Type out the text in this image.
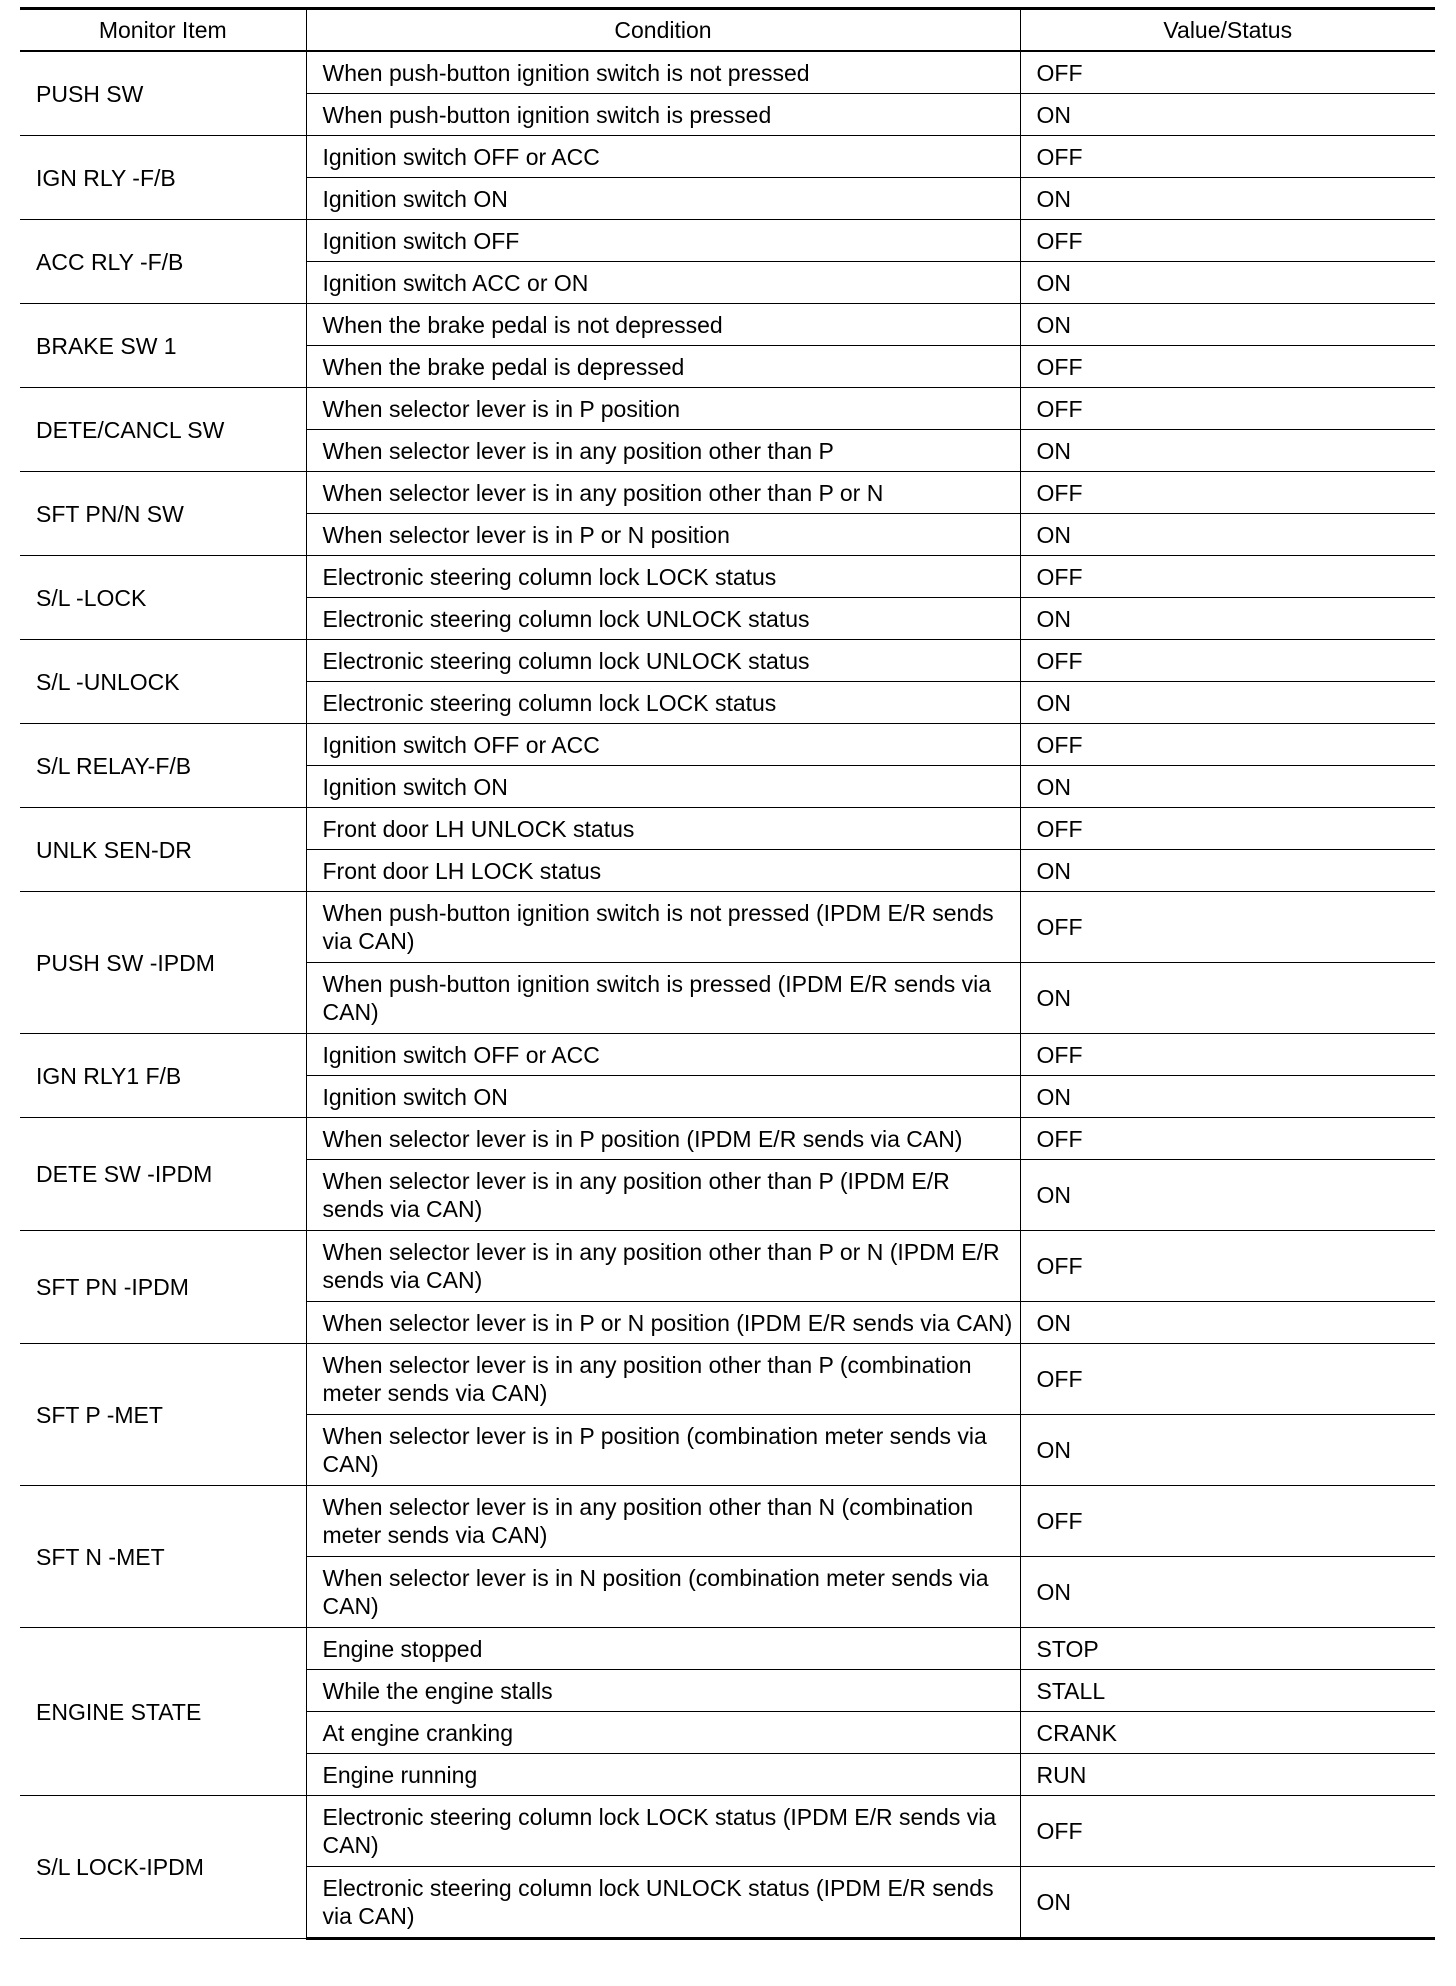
Monitor Item	Condition	Value/Status
PUSH SW	When push-button ignition switch is not pressed	OFF
	When push-button ignition switch is pressed	ON
IGN RLY -F/B	Ignition switch OFF or ACC	OFF
	Ignition switch ON	ON
ACC RLY -F/B	Ignition switch OFF	OFF
	Ignition switch ACC or ON	ON
BRAKE SW 1	When the brake pedal is not depressed	ON
	When the brake pedal is depressed	OFF
DETE/CANCL SW	When selector lever is in P position	OFF
	When selector lever is in any position other than P	ON
SFT PN/N SW	When selector lever is in any position other than P or N	OFF
	When selector lever is in P or N position	ON
S/L -LOCK	Electronic steering column lock LOCK status	OFF
	Electronic steering column lock UNLOCK status	ON
S/L -UNLOCK	Electronic steering column lock UNLOCK status	OFF
	Electronic steering column lock LOCK status	ON
S/L RELAY-F/B	Ignition switch OFF or ACC	OFF
	Ignition switch ON	ON
UNLK SEN-DR	Front door LH UNLOCK status	OFF
	Front door LH LOCK status	ON
PUSH SW -IPDM	When push-button ignition switch is not pressed (IPDM E/R sends via CAN)	OFF
	When push-button ignition switch is pressed (IPDM E/R sends via CAN)	ON
IGN RLY1 F/B	Ignition switch OFF or ACC	OFF
	Ignition switch ON	ON
DETE SW -IPDM	When selector lever is in P position (IPDM E/R sends via CAN)	OFF
	When selector lever is in any position other than P (IPDM E/R sends via CAN)	ON
SFT PN -IPDM	When selector lever is in any position other than P or N (IPDM E/R sends via CAN)	OFF
	When selector lever is in P or N position (IPDM E/R sends via CAN)	ON
SFT P -MET	When selector lever is in any position other than P (combination meter sends via CAN)	OFF
	When selector lever is in P position (combination meter sends via CAN)	ON
SFT N -MET	When selector lever is in any position other than N (combination meter sends via CAN)	OFF
	When selector lever is in N position (combination meter sends via CAN)	ON
ENGINE STATE	Engine stopped	STOP
	While the engine stalls	STALL
	At engine cranking	CRANK
	Engine running	RUN
S/L LOCK-IPDM	Electronic steering column lock LOCK status (IPDM E/R sends via CAN)	OFF
	Electronic steering column lock UNLOCK status (IPDM E/R sends via CAN)	ON
